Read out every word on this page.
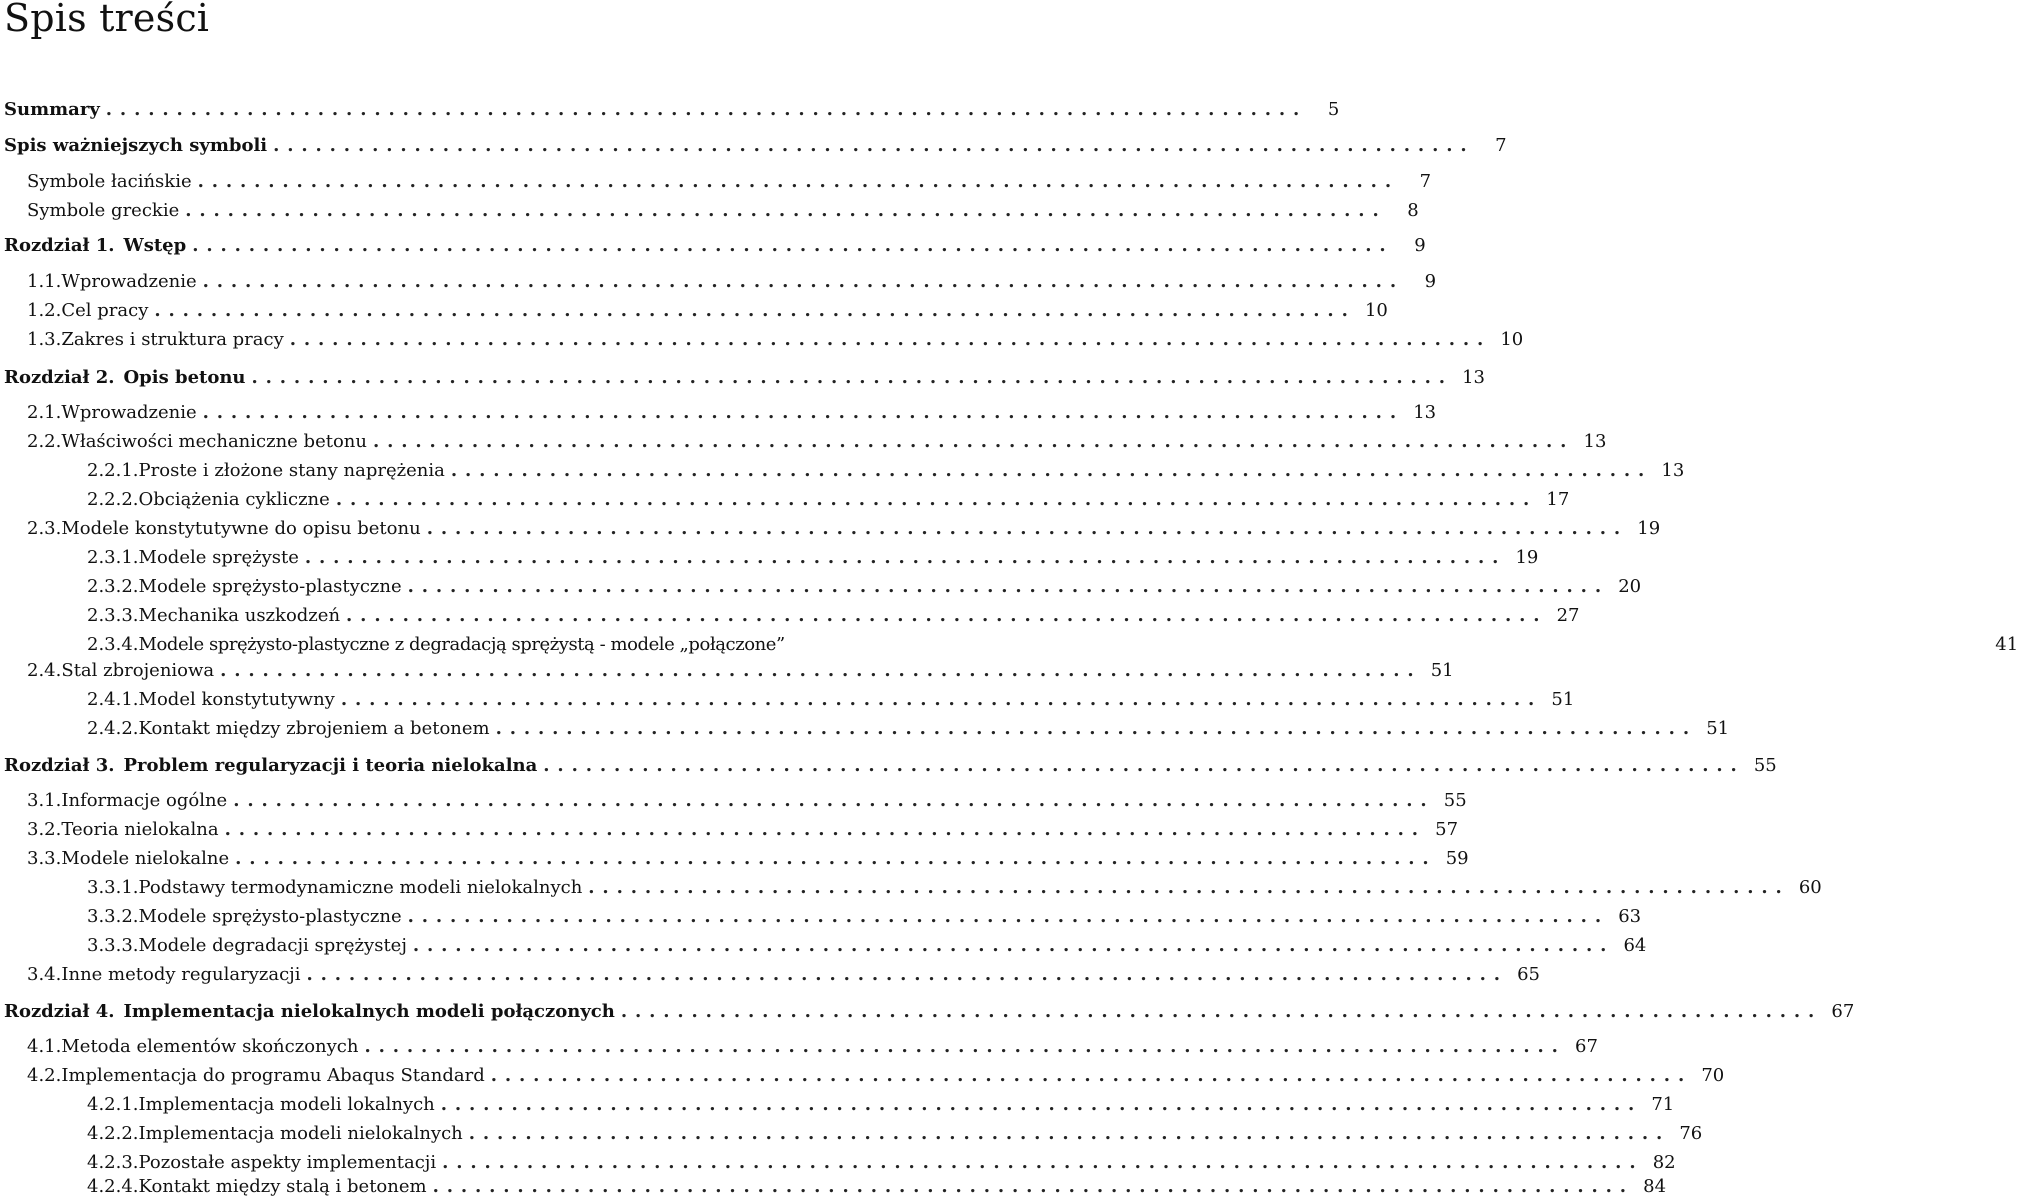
Spis treści
Summary . . .	5
Spis ważniejszych symboli . . .	7
Symbole łacińskie . . .	7
Symbole greckie . . .	8
Rozdział 1. Wstęp . . .	9
1.1. Wprowadzenie . . .	9
1.2. Cel pracy . . .	10
1.3. Zakres i struktura pracy . . .	10
Rozdział 2. Opis betonu . . .	13
2.1. Wprowadzenie . . .	13
2.2. Właściwości mechaniczne betonu . . .	13
2.2.1. Proste i złożone stany naprężenia . . .	13
2.2.2. Obciążenia cykliczne . . .	17
2.3. Modele konstytutywne do opisu betonu . . .	19
2.3.1. Modele sprężyste . . .	19
2.3.2. Modele sprężysto-plastyczne . . .	20
2.3.3. Mechanika uszkodzeń . . .	27
2.3.4. Modele sprężysto-plastyczne z degradacją sprężystą - modele „połączone”	41
2.4. Stal zbrojeniowa . . .	51
2.4.1. Model konstytutywny . . .	51
2.4.2. Kontakt między zbrojeniem a betonem . . .	51
Rozdział 3. Problem regularyzacji i teoria nielokalna . . .	55
3.1. Informacje ogólne . . .	55
3.2. Teoria nielokalna . . .	57
3.3. Modele nielokalne . . .	59
3.3.1. Podstawy termodynamiczne modeli nielokalnych . . .	60
3.3.2. Modele sprężysto-plastyczne . . .	63
3.3.3. Modele degradacji sprężystej . . .	64
3.4. Inne metody regularyzacji . . .	65
Rozdział 4. Implementacja nielokalnych modeli połączonych . . .	67
4.1. Metoda elementów skończonych . . .	67
4.2. Implementacja do programu Abaqus Standard . . .	70
4.2.1. Implementacja modeli lokalnych . . .	71
4.2.2. Implementacja modeli nielokalnych . . .	76
4.2.3. Pozostałe aspekty implementacji . . .	82
4.2.4. Kontakt między stalą i betonem . . .	84
